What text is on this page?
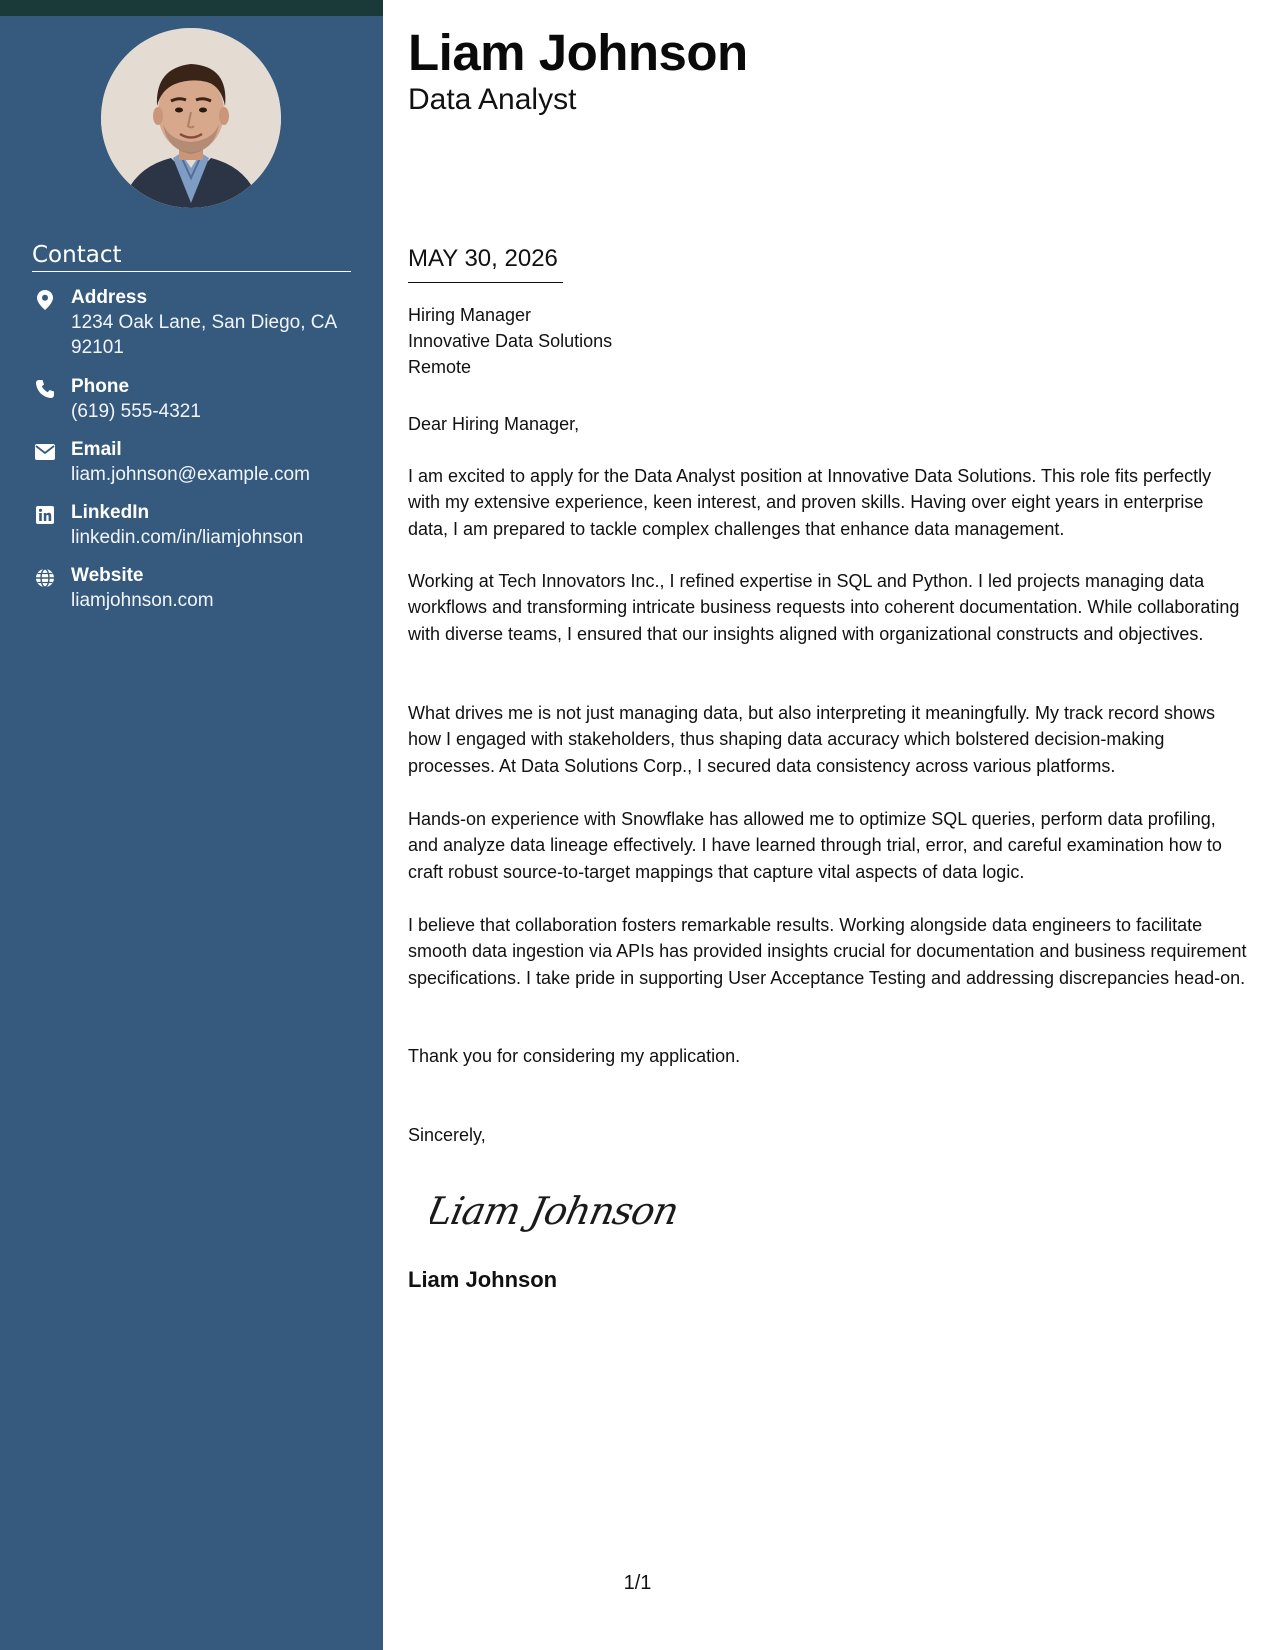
Contact
Address
1234 Oak Lane, San Diego, CA 92101
Phone
(619) 555-4321
Email
liam.johnson@example.com
LinkedIn
linkedin.com/in/liamjohnson
Website
liamjohnson.com
Liam Johnson
Data Analyst
MAY 30, 2026
Hiring Manager
Innovative Data Solutions
Remote
Dear Hiring Manager,

I am excited to apply for the Data Analyst position at Innovative Data Solutions. This role fits perfectly with my extensive experience, keen interest, and proven skills. Having over eight years in enterprise data, I am prepared to tackle complex challenges that enhance data management.

Working at Tech Innovators Inc., I refined expertise in SQL and Python. I led projects managing data workflows and transforming intricate business requests into coherent documentation. While collaborating with diverse teams, I ensured that our insights aligned with organizational constructs and objectives.

What drives me is not just managing data, but also interpreting it meaningfully. My track record shows how I engaged with stakeholders, thus shaping data accuracy which bolstered decision-making processes. At Data Solutions Corp., I secured data consistency across various platforms.

Hands-on experience with Snowflake has allowed me to optimize SQL queries, perform data profiling, and analyze data lineage effectively. I have learned through trial, error, and careful examination how to craft robust source-to-target mappings that capture vital aspects of data logic.

I believe that collaboration fosters remarkable results. Working alongside data engineers to facilitate smooth data ingestion via APIs has provided insights crucial for documentation and business requirement specifications. I take pride in supporting User Acceptance Testing and addressing discrepancies head-on.

Thank you for considering my application.

Sincerely,
Liam Johnson
Liam Johnson
1/1
